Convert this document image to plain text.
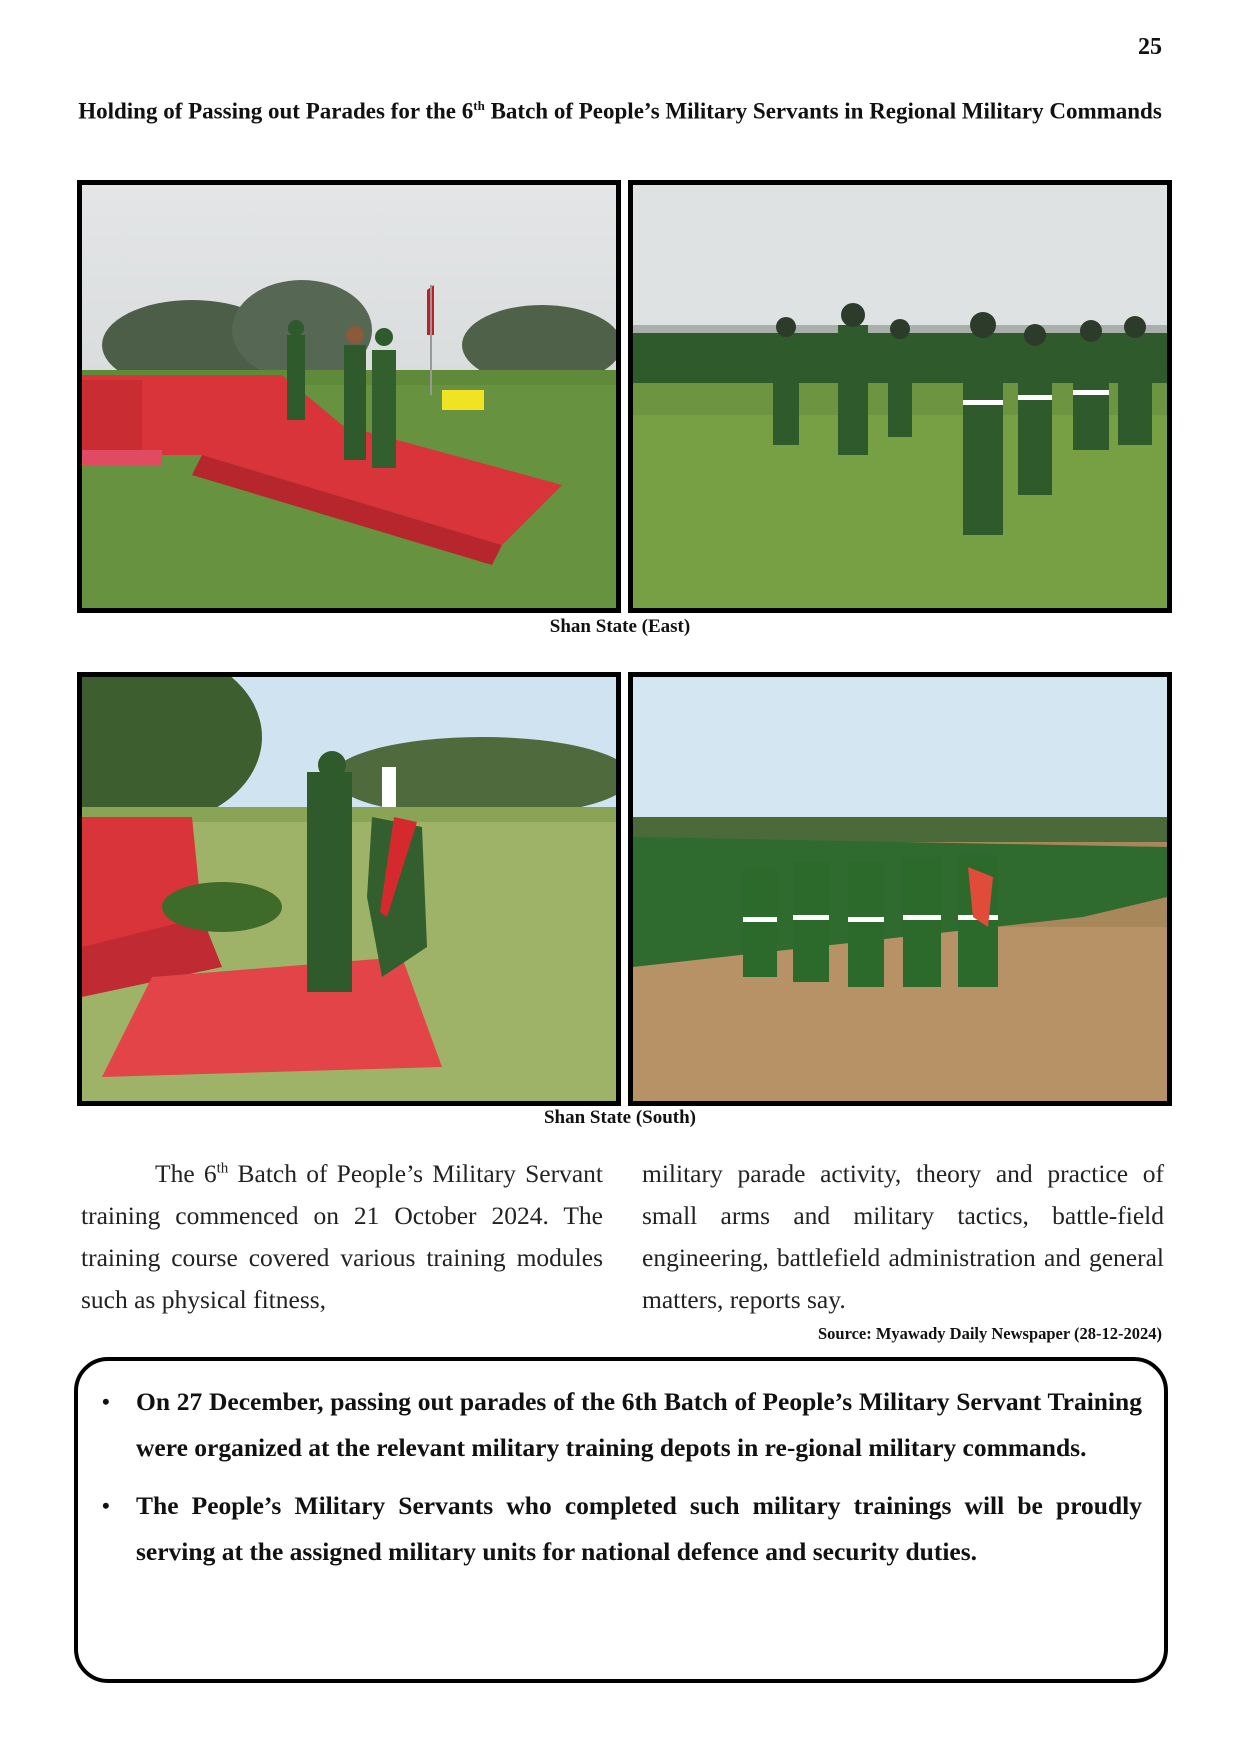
25
Holding of Passing out Parades for the 6th Batch of People’s Military Servants in Regional Military Commands
Shan State (East)
Shan State (South)

The 6th Batch of People’s Military Servant training commenced on 21 October 2024. The training course covered various training modules such as physical fitness,

military parade activity, theory and practice of small arms and military tactics, battle-field engineering, battlefield administration and general matters, reports say.

Source: Myawady Daily Newspaper (28-12-2024)
• On 27 December, passing out parades of the 6th Batch of People’s Military Servant Training were organized at the relevant military training depots in re-gional military commands.
• The People’s Military Servants who completed such military trainings will be proudly serving at the assigned military units for national defence and security duties.
